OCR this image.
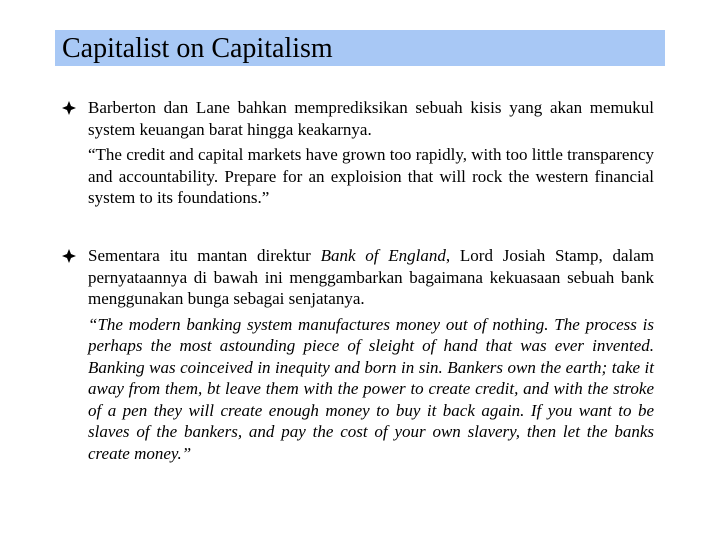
Capitalist on Capitalism

Barberton dan Lane bahkan memprediksikan sebuah kisis yang akan memukul system keuangan barat hingga keakarnya.

“The credit and capital markets have grown too rapidly, with too little transparency and accountability. Prepare for an exploision that will rock the western financial system to its foundations.”

Sementara itu mantan direktur Bank of England, Lord Josiah Stamp, dalam pernyataannya di bawah ini menggambarkan bagaimana kekuasaan sebuah bank menggunakan bunga sebagai senjatanya.

“The modern banking system manufactures money out of nothing. The process is perhaps the most astounding piece of sleight of hand that was ever invented. Banking was coinceived in inequity and born in sin. Bankers own the earth; take it away from them, bt leave them with the power to create credit, and with the stroke of a pen they will create enough money to buy it back again. If you want to be slaves of the bankers, and pay the cost of your own slavery, then let the banks create money.”
